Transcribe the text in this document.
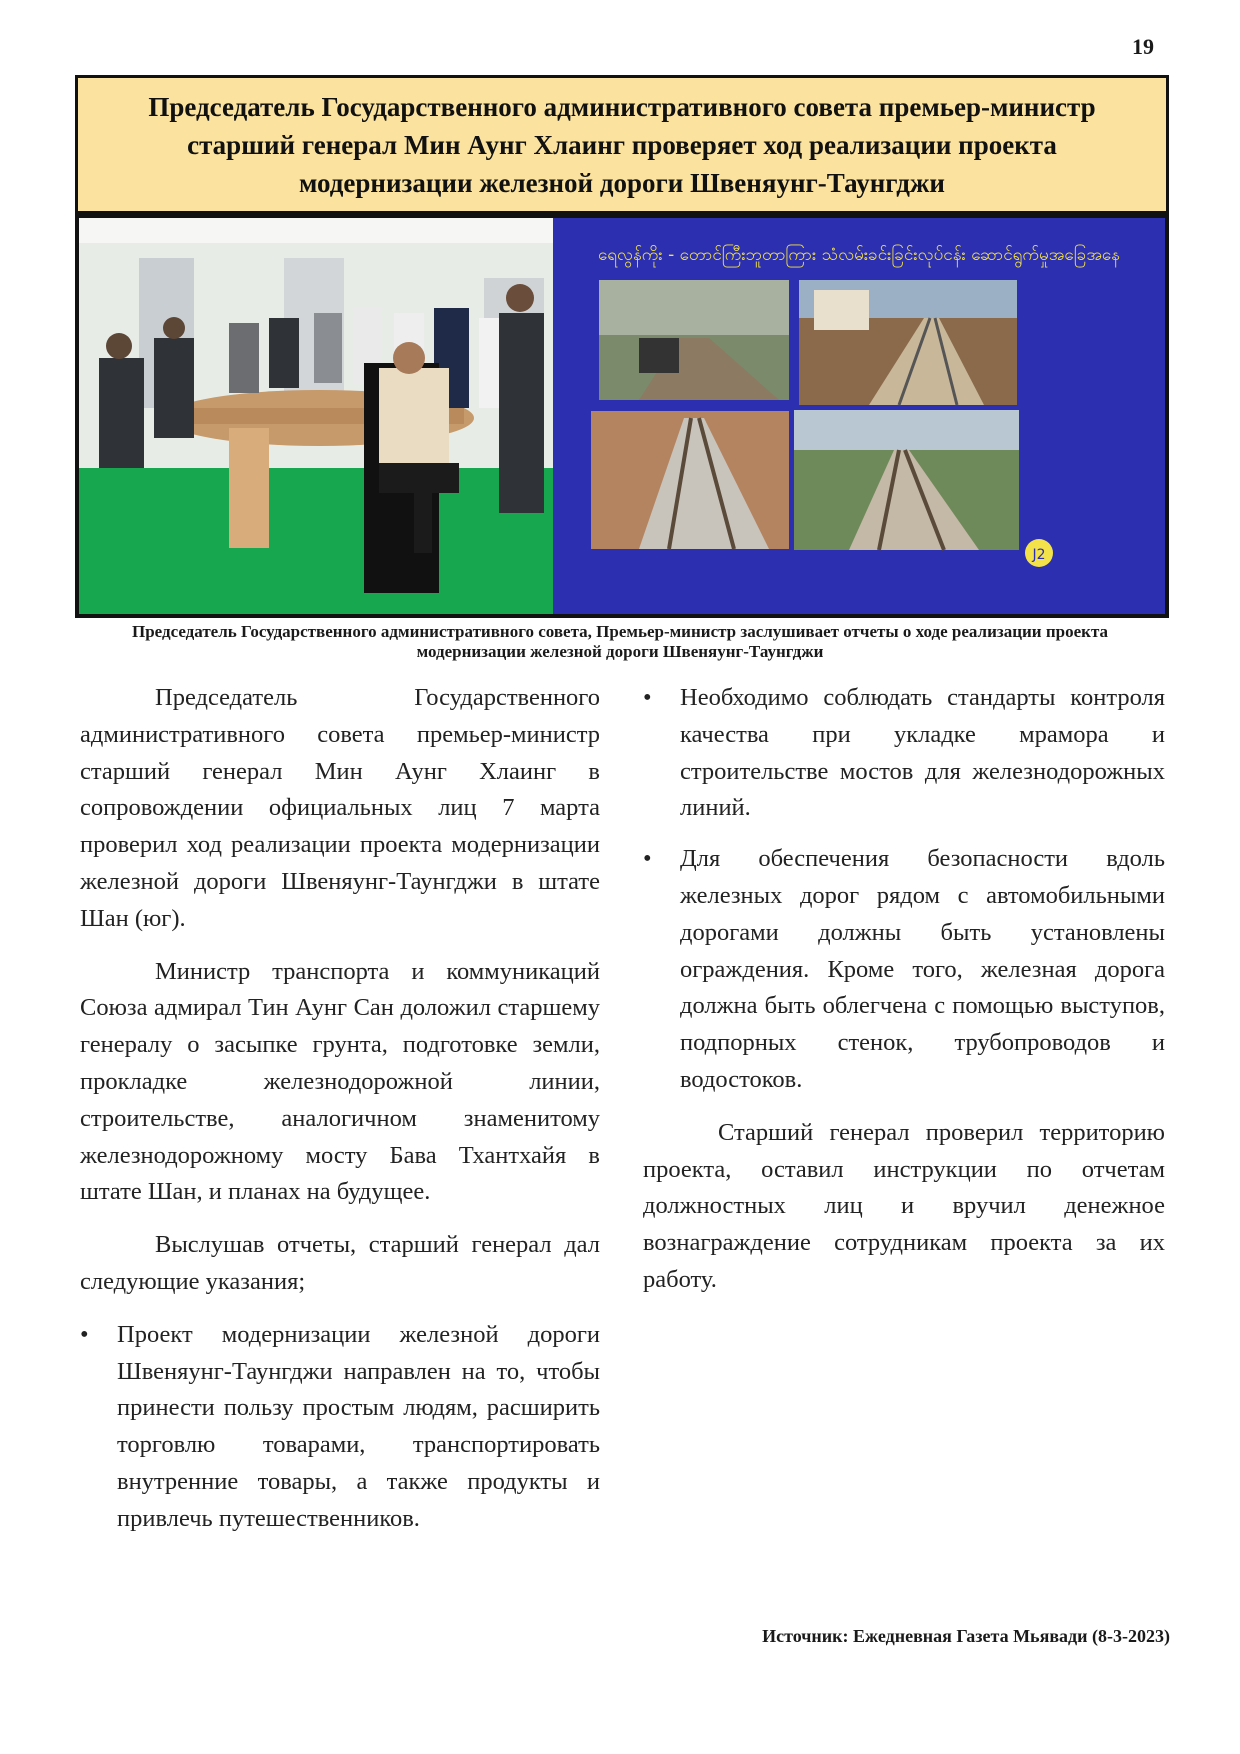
19
Председатель Государственного административного совета премьер-министр старший генерал Мин Аунг Хлаинг проверяет ход реализации проекта модернизации железной дороги Швеняунг-Таунгджи
ရေလွန်ကိုး - တောင်ကြီးဘူတာကြား သံလမ်းခင်းခြင်းလုပ်ငန်း ဆောင်ရွက်မှုအခြေအနေ
J2
Председатель Государственного административного совета, Премьер-министр заслушивает отчеты о ходе реализации проекта модернизации железной дороги Швеняунг-Таунгджи

Председатель Государственного административного совета премьер-министр старший генерал Мин Аунг Хлаинг в сопровождении официальных лиц 7 марта проверил ход реализации проекта модернизации железной дороги Швеняунг-Таунгджи в штате Шан (юг).

Министр транспорта и коммуникаций Союза адмирал Тин Аунг Сан доложил старшему генералу о засыпке грунта, подготовке земли, прокладке железнодорожной линии, строительстве, аналогичном знаменитому железнодорожному мосту Бава Тхантхайя в штате Шан, и планах на будущее.

Выслушав отчеты, старший генерал дал следующие указания;

• Проект модернизации железной дороги Швеняунг-Таунгджи направлен на то, чтобы принести пользу простым людям, расширить торговлю товарами, транспортировать внутренние товары, а также продукты и привлечь путешественников.
• Необходимо соблюдать стандарты контроля качества при укладке мрамора и строительстве мостов для железнодорожных линий.
• Для обеспечения безопасности вдоль железных дорог рядом с автомобильными дорогами должны быть установлены ограждения. Кроме того, железная дорога должна быть облегчена с помощью выступов, подпорных стенок, трубопроводов и водостоков.

Старший генерал проверил территорию проекта, оставил инструкции по отчетам должностных лиц и вручил денежное вознаграждение сотрудникам проекта за их работу.

Источник: Ежедневная Газета Мьявади (8-3-2023)
